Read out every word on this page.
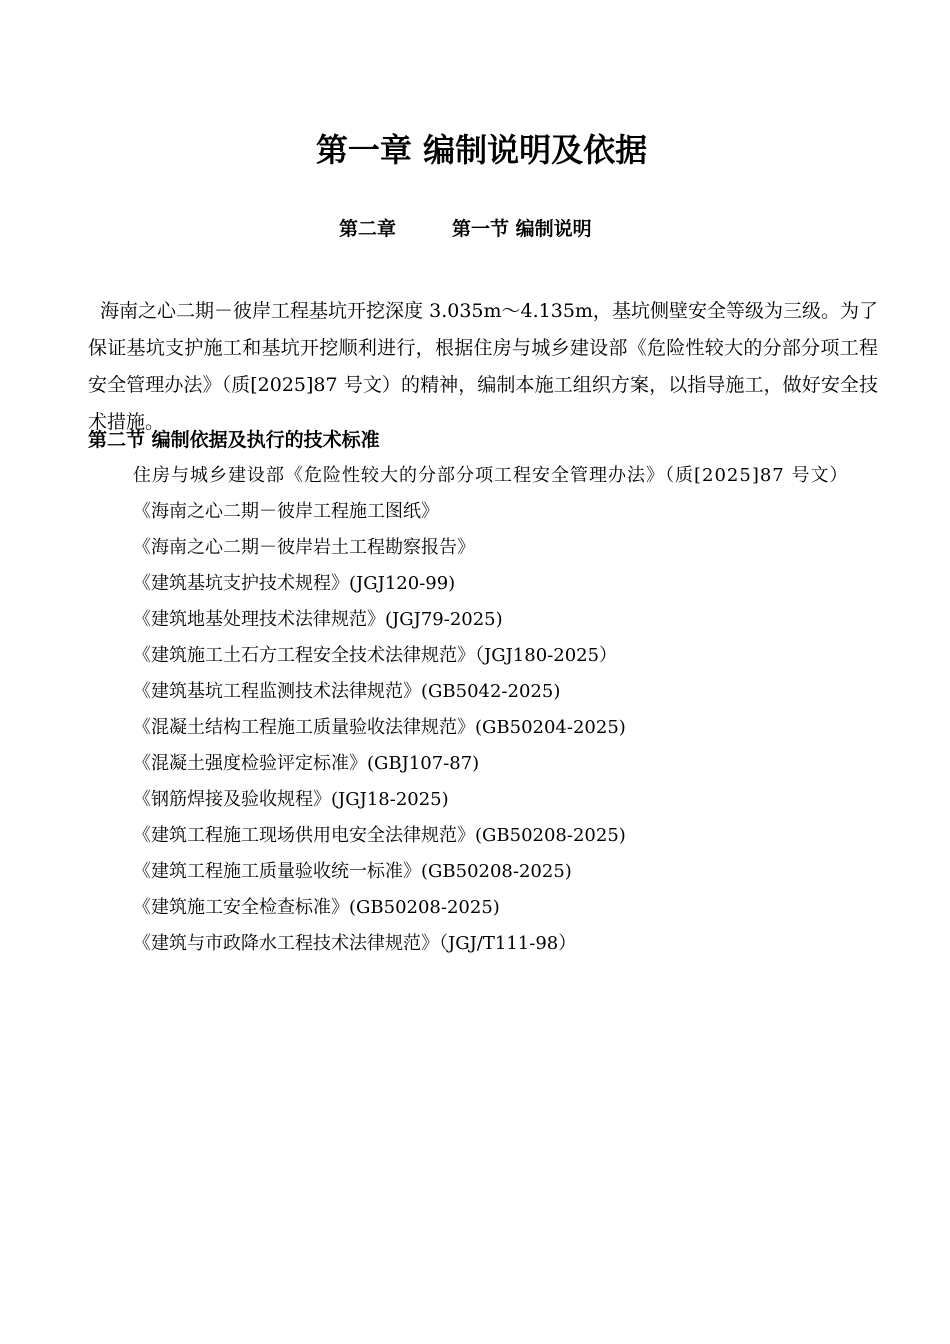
第一章 编制说明及依据
第二章	第一节 编制说明

海南之心二期－彼岸工程基坑开挖深度 3.035m～4.135m，基坑侧壁安全等级为三级。为了保证基坑支护施工和基坑开挖顺利进行，根据住房与城乡建设部《危险性较大的分部分项工程安全管理办法》（质[2025]87 号文）的精神，编制本施工组织方案，以指导施工，做好安全技术措施。

第二节 编制依据及执行的技术标准
住房与城乡建设部《危险性较大的分部分项工程安全管理办法》（质[2025]87 号文）
《海南之心二期－彼岸工程施工图纸》
《海南之心二期－彼岸岩土工程勘察报告》
《建筑基坑支护技术规程》(JGJ120-99)
《建筑地基处理技术法律规范》(JGJ79-2025)
《建筑施工土石方工程安全技术法律规范》（JGJ180-2025）
《建筑基坑工程监测技术法律规范》(GB5042-2025)
《混凝土结构工程施工质量验收法律规范》(GB50204-2025)
《混凝土强度检验评定标准》(GBJ107-87)
《钢筋焊接及验收规程》(JGJ18-2025)
《建筑工程施工现场供用电安全法律规范》(GB50208-2025)
《建筑工程施工质量验收统一标准》(GB50208-2025)
《建筑施工安全检查标准》(GB50208-2025)
《建筑与市政降水工程技术法律规范》（JGJ/T111-98）
